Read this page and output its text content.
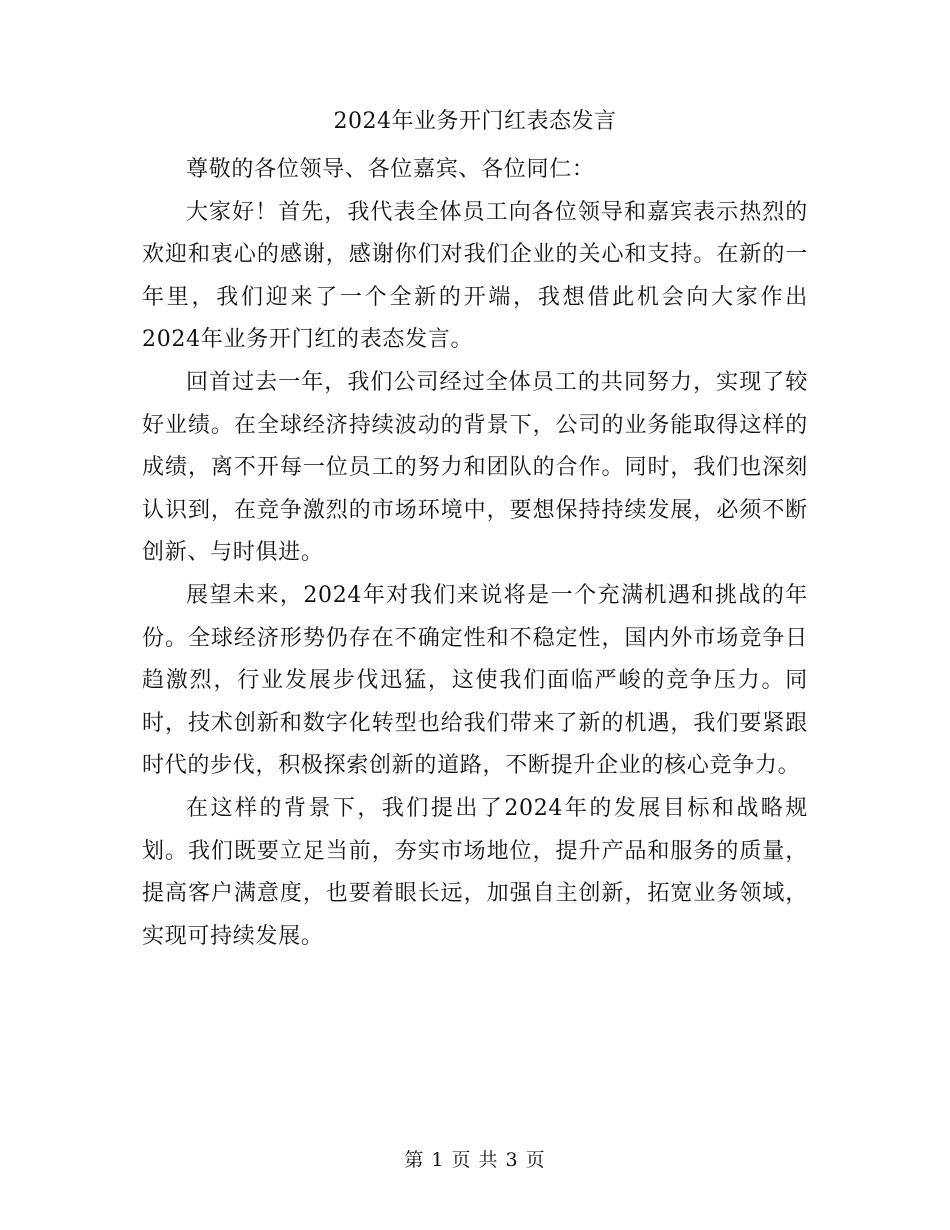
2024年业务开门红表态发言

尊敬的各位领导、各位嘉宾、各位同仁：

大家好！首先，我代表全体员工向各位领导和嘉宾表示热烈的欢迎和衷心的感谢，感谢你们对我们企业的关心和支持。在新的一年里，我们迎来了一个全新的开端，我想借此机会向大家作出2024年业务开门红的表态发言。

回首过去一年，我们公司经过全体员工的共同努力，实现了较好业绩。在全球经济持续波动的背景下，公司的业务能取得这样的成绩，离不开每一位员工的努力和团队的合作。同时，我们也深刻认识到，在竞争激烈的市场环境中，要想保持持续发展，必须不断创新、与时俱进。

展望未来，2024年对我们来说将是一个充满机遇和挑战的年份。全球经济形势仍存在不确定性和不稳定性，国内外市场竞争日趋激烈，行业发展步伐迅猛，这使我们面临严峻的竞争压力。同时，技术创新和数字化转型也给我们带来了新的机遇，我们要紧跟时代的步伐，积极探索创新的道路，不断提升企业的核心竞争力。

在这样的背景下，我们提出了2024年的发展目标和战略规划。我们既要立足当前，夯实市场地位，提升产品和服务的质量，提高客户满意度，也要着眼长远，加强自主创新，拓宽业务领域，实现可持续发展。

第 1 页 共 3 页
